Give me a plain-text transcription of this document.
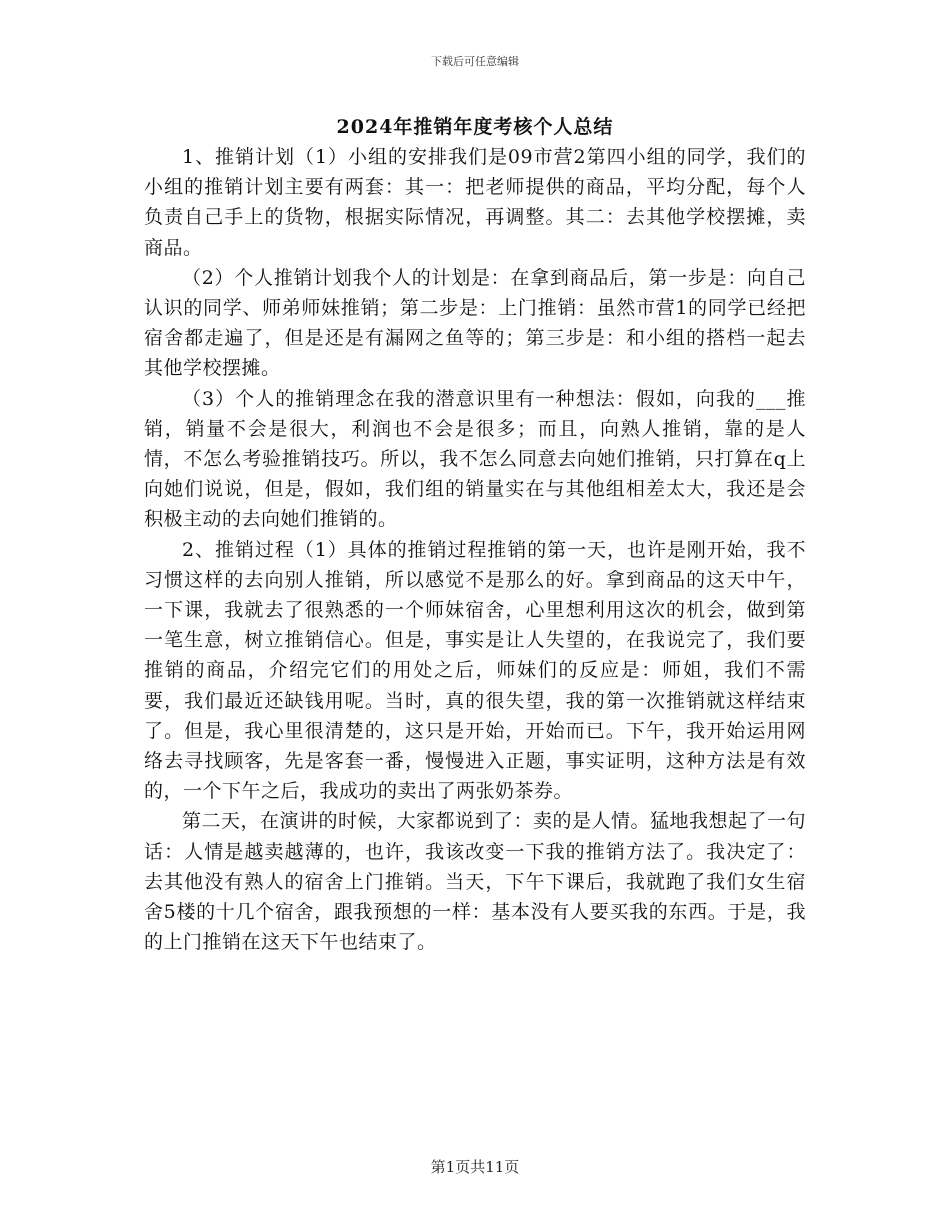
下载后可任意编辑
2024年推销年度考核个人总结

1、推销计划（1）小组的安排我们是09市营2第四小组的同学，我们的小组的推销计划主要有两套：其一：把老师提供的商品，平均分配，每个人负责自己手上的货物，根据实际情况，再调整。其二：去其他学校摆摊，卖商品。

（2）个人推销计划我个人的计划是：在拿到商品后，第一步是：向自己认识的同学、师弟师妹推销；第二步是：上门推销：虽然市营1的同学已经把宿舍都走遍了，但是还是有漏网之鱼等的；第三步是：和小组的搭档一起去其他学校摆摊。

（3）个人的推销理念在我的潜意识里有一种想法：假如，向我的___推销，销量不会是很大，利润也不会是很多；而且，向熟人推销，靠的是人情，不怎么考验推销技巧。所以，我不怎么同意去向她们推销，只打算在q上向她们说说，但是，假如，我们组的销量实在与其他组相差太大，我还是会积极主动的去向她们推销的。

2、推销过程（1）具体的推销过程推销的第一天，也许是刚开始，我不习惯这样的去向别人推销，所以感觉不是那么的好。拿到商品的这天中午，一下课，我就去了很熟悉的一个师妹宿舍，心里想利用这次的机会，做到第一笔生意，树立推销信心。但是，事实是让人失望的，在我说完了，我们要推销的商品，介绍完它们的用处之后，师妹们的反应是：师姐，我们不需要，我们最近还缺钱用呢。当时，真的很失望，我的第一次推销就这样结束了。但是，我心里很清楚的，这只是开始，开始而已。下午，我开始运用网络去寻找顾客，先是客套一番，慢慢进入正题，事实证明，这种方法是有效的，一个下午之后，我成功的卖出了两张奶茶券。

第二天，在演讲的时候，大家都说到了：卖的是人情。猛地我想起了一句话：人情是越卖越薄的，也许，我该改变一下我的推销方法了。我决定了：去其他没有熟人的宿舍上门推销。当天，下午下课后，我就跑了我们女生宿舍5楼的十几个宿舍，跟我预想的一样：基本没有人要买我的东西。于是，我的上门推销在这天下午也结束了。

第1页共11页
